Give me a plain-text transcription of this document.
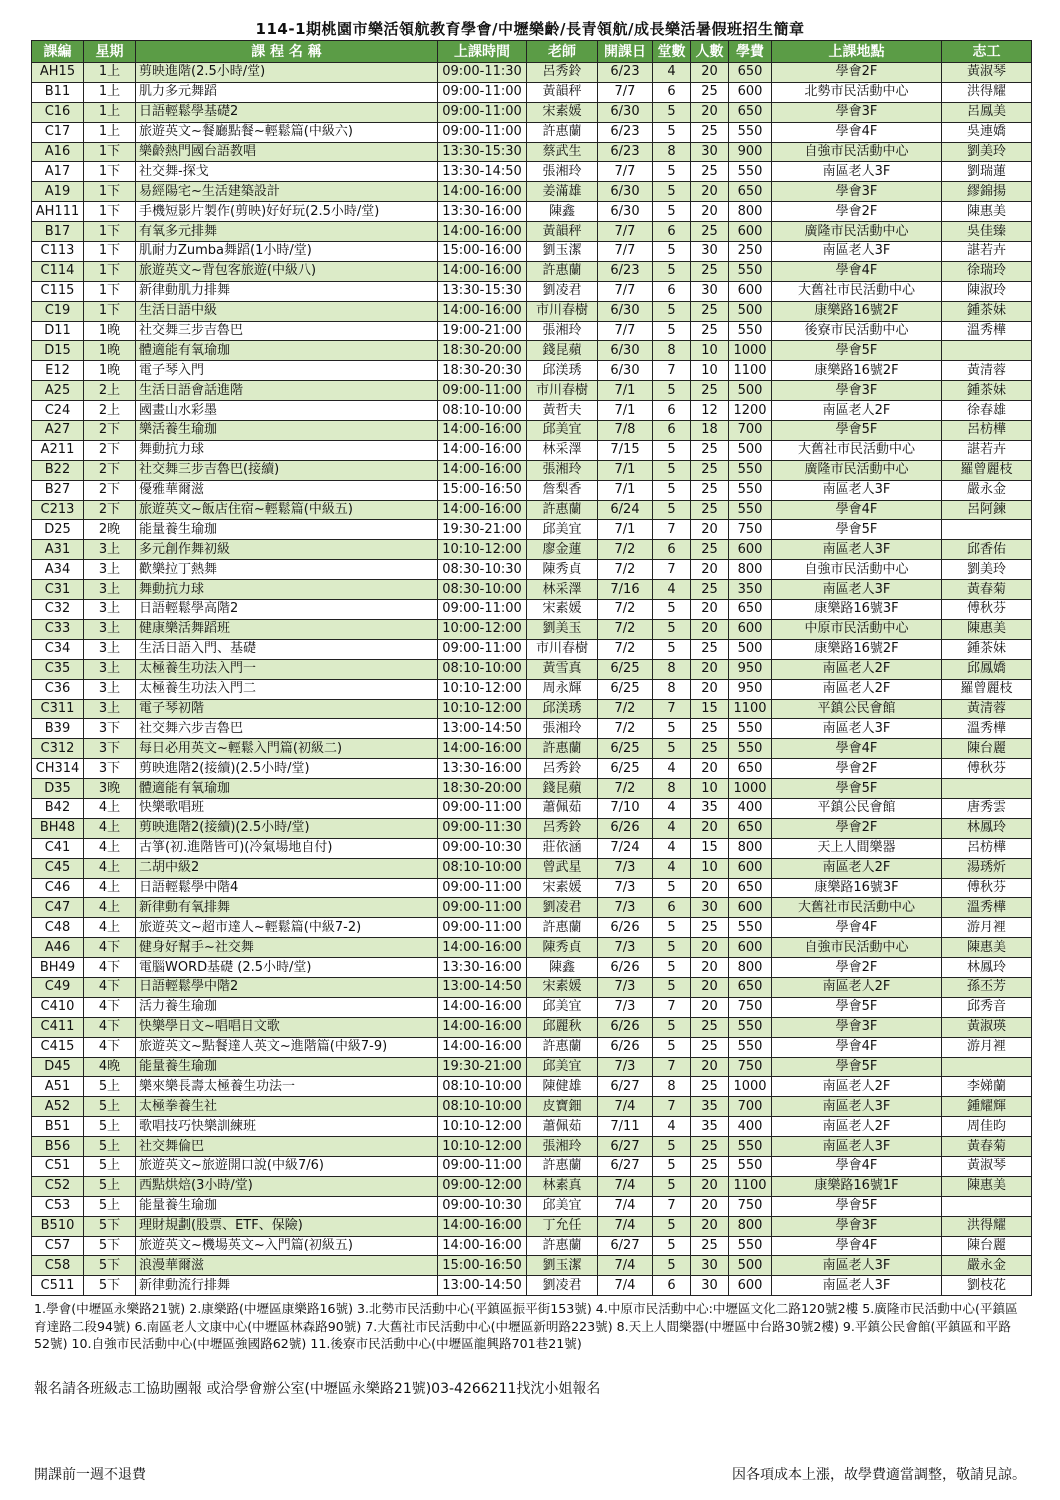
114-1期桃園市樂活領航教育學會/中壢樂齡/長青領航/成長樂活暑假班招生簡章
課編	星期	課 程 名 稱	上課時間	老師	開課日	堂數	人數	學費	上課地點	志工
AH15	1上	剪映進階(2.5小時/堂)	09:00-11:30	呂秀鈴	6/23	4	20	650	學會2F	黃淑琴
B11	1上	肌力多元舞蹈	09:00-11:00	黃韻秤	7/7	6	25	600	北勢市民活動中心	洪得耀
C16	1上	日語輕鬆學基礎2	09:00-11:00	宋素媛	6/30	5	20	650	學會3F	呂鳳美
C17	1上	旅遊英文~餐廳點餐~輕鬆篇(中級六)	09:00-11:00	許惠蘭	6/23	5	25	550	學會4F	吳連嬌
A16	1下	樂齡熱門國台語教唱	13:30-15:30	蔡武生	6/23	8	30	900	自強市民活動中心	劉美玲
A17	1下	社交舞-探戈	13:30-14:50	張湘玲	7/7	5	25	550	南區老人3F	劉瑞蓮
A19	1下	易經陽宅~生活建築設計	14:00-16:00	姜滿雄	6/30	5	20	650	學會3F	繆錦揚
AH111	1下	手機短影片製作(剪映)好好玩(2.5小時/堂)	13:30-16:00	陳鑫	6/30	5	20	800	學會2F	陳惠美
B17	1下	有氧多元排舞	14:00-16:00	黃韻秤	7/7	6	25	600	廣隆市民活動中心	吳佳臻
C113	1下	肌耐力Zumba舞蹈(1小時/堂)	15:00-16:00	劉玉潔	7/7	5	30	250	南區老人3F	諶若卉
C114	1下	旅遊英文~背包客旅遊(中級八)	14:00-16:00	許惠蘭	6/23	5	25	550	學會4F	徐瑞玲
C115	1下	新律動肌力排舞	13:30-15:30	劉凌君	7/7	6	30	600	大舊社市民活動中心	陳淑玲
C19	1下	生活日語中級	14:00-16:00	市川春樹	6/30	5	25	500	康樂路16號2F	鍾茶妹
D11	1晚	社交舞三步吉魯巴	19:00-21:00	張湘玲	7/7	5	25	550	後寮市民活動中心	溫秀樺
D15	1晚	體適能有氧瑜珈	18:30-20:00	錢昆蘋	6/30	8	10	1000	學會5F	
E12	1晚	電子琴入門	18:30-20:30	邱渼琇	6/30	7	10	1100	康樂路16號2F	黃清蓉
A25	2上	生活日語會話進階	09:00-11:00	市川春樹	7/1	5	25	500	學會3F	鍾茶妹
C24	2上	國畫山水彩墨	08:10-10:00	黃哲夫	7/1	6	12	1200	南區老人2F	徐春雄
A27	2下	樂活養生瑜珈	14:00-16:00	邱美宜	7/8	6	18	700	學會5F	呂枋樺
A211	2下	舞動抗力球	14:00-16:00	林采澤	7/15	5	25	500	大舊社市民活動中心	諶若卉
B22	2下	社交舞三步吉魯巴(接續)	14:00-16:00	張湘玲	7/1	5	25	550	廣隆市民活動中心	羅曾麗枝
B27	2下	優雅華爾滋	15:00-16:50	詹梨香	7/1	5	25	550	南區老人3F	嚴永金
C213	2下	旅遊英文~飯店住宿~輕鬆篇(中級五)	14:00-16:00	許惠蘭	6/24	5	25	550	學會4F	呂阿鍊
D25	2晚	能量養生瑜珈	19:30-21:00	邱美宜	7/1	7	20	750	學會5F	
A31	3上	多元創作舞初級	10:10-12:00	廖金蓮	7/2	6	25	600	南區老人3F	邱香佑
A34	3上	歡樂拉丁熱舞	08:30-10:30	陳秀貞	7/2	7	20	800	自強市民活動中心	劉美玲
C31	3上	舞動抗力球	08:30-10:00	林采澤	7/16	4	25	350	南區老人3F	黃春菊
C32	3上	日語輕鬆學高階2	09:00-11:00	宋素媛	7/2	5	20	650	康樂路16號3F	傅秋芬
C33	3上	健康樂活舞蹈班	10:00-12:00	劉美玉	7/2	5	20	600	中原市民活動中心	陳惠美
C34	3上	生活日語入門、基礎	09:00-11:00	市川春樹	7/2	5	25	500	康樂路16號2F	鍾茶妹
C35	3上	太極養生功法入門一	08:10-10:00	黃雪真	6/25	8	20	950	南區老人2F	邱鳳嬌
C36	3上	太極養生功法入門二	10:10-12:00	周永輝	6/25	8	20	950	南區老人2F	羅曾麗枝
C311	3上	電子琴初階	10:10-12:00	邱渼琇	7/2	7	15	1100	平鎮公民會館	黃清蓉
B39	3下	社交舞六步吉魯巴	13:00-14:50	張湘玲	7/2	5	25	550	南區老人3F	溫秀樺
C312	3下	每日必用英文~輕鬆入門篇(初級二)	14:00-16:00	許惠蘭	6/25	5	25	550	學會4F	陳台麗
CH314	3下	剪映進階2(接續)(2.5小時/堂)	13:30-16:00	呂秀鈴	6/25	4	20	650	學會2F	傅秋芬
D35	3晚	體適能有氧瑜珈	18:30-20:00	錢昆蘋	7/2	8	10	1000	學會5F	
B42	4上	快樂歌唱班	09:00-11:00	蕭佩茹	7/10	4	35	400	平鎮公民會館	唐秀雲
BH48	4上	剪映進階2(接續)(2.5小時/堂)	09:00-11:30	呂秀鈴	6/26	4	20	650	學會2F	林鳳玲
C41	4上	古箏(初.進階皆可)(冷氣場地自付)	09:00-10:30	莊依涵	7/24	4	15	800	天上人間樂器	呂枋樺
C45	4上	二胡中級2	08:10-10:00	曾武星	7/3	4	10	600	南區老人2F	湯琇炘
C46	4上	日語輕鬆學中階4	09:00-11:00	宋素媛	7/3	5	20	650	康樂路16號3F	傅秋芬
C47	4上	新律動有氧排舞	09:00-11:00	劉凌君	7/3	6	30	600	大舊社市民活動中心	溫秀樺
C48	4上	旅遊英文~超市達人~輕鬆篇(中級7-2)	09:00-11:00	許惠蘭	6/26	5	25	550	學會4F	游月裡
A46	4下	健身好幫手~社交舞	14:00-16:00	陳秀貞	7/3	5	20	600	自強市民活動中心	陳惠美
BH49	4下	電腦WORD基礎 (2.5小時/堂)	13:30-16:00	陳鑫	6/26	5	20	800	學會2F	林鳳玲
C49	4下	日語輕鬆學中階2	13:00-14:50	宋素媛	7/3	5	20	650	南區老人2F	孫丕芳
C410	4下	活力養生瑜珈	14:00-16:00	邱美宜	7/3	7	20	750	學會5F	邱秀音
C411	4下	快樂學日文~唱唱日文歌	14:00-16:00	邱麗秋	6/26	5	25	550	學會3F	黃淑瑛
C415	4下	旅遊英文~點餐達人英文~進階篇(中級7-9)	14:00-16:00	許惠蘭	6/26	5	25	550	學會4F	游月裡
D45	4晚	能量養生瑜珈	19:30-21:00	邱美宜	7/3	7	20	750	學會5F	
A51	5上	樂來樂長壽太極養生功法一	08:10-10:00	陳健雄	6/27	8	25	1000	南區老人2F	李娣蘭
A52	5上	太極拳養生社	08:10-10:00	皮寶鈿	7/4	7	35	700	南區老人3F	鍾耀輝
B51	5上	歌唱技巧快樂訓練班	10:10-12:00	蕭佩茹	7/11	4	35	400	南區老人2F	周佳昀
B56	5上	社交舞倫巴	10:10-12:00	張湘玲	6/27	5	25	550	南區老人3F	黃春菊
C51	5上	旅遊英文~旅遊開口說(中級7/6)	09:00-11:00	許惠蘭	6/27	5	25	550	學會4F	黃淑琴
C52	5上	西點烘焙(3小時/堂)	09:00-12:00	林素真	7/4	5	20	1100	康樂路16號1F	陳惠美
C53	5上	能量養生瑜珈	09:00-10:30	邱美宜	7/4	7	20	750	學會5F	
B510	5下	理財規劃(股票、ETF、保險)	14:00-16:00	丁允任	7/4	5	20	800	學會3F	洪得耀
C57	5下	旅遊英文~機場英文~入門篇(初級五)	14:00-16:00	許惠蘭	6/27	5	25	550	學會4F	陳台麗
C58	5下	浪漫華爾滋	15:00-16:50	劉玉潔	7/4	5	30	500	南區老人3F	嚴永金
C511	5下	新律動流行排舞	13:00-14:50	劉凌君	7/4	6	30	600	南區老人3F	劉枝花
1.學會(中壢區永樂路21號) 2.康樂路(中壢區康樂路16號) 3.北勢市民活動中心(平鎮區振平街153號) 4.中原市民活動中心:中壢區文化二路120號2樓 5.廣隆市民活動中心(平鎮區育達路二段94號) 6.南區老人文康中心(中壢區林森路90號) 7.大舊社市民活動中心(中壢區新明路223號) 8.天上人間樂器(中壢區中台路30號2樓) 9.平鎮公民會館(平鎮區和平路52號) 10.自強市民活動中心(中壢區強國路62號) 11.後寮市民活動中心(中壢區龍興路701巷21號)
報名請各班級志工協助團報 或洽學會辦公室(中壢區永樂路21號)03-4266211找沈小姐報名
開課前一週不退費	因各項成本上漲，故學費適當調整，敬請見諒。
